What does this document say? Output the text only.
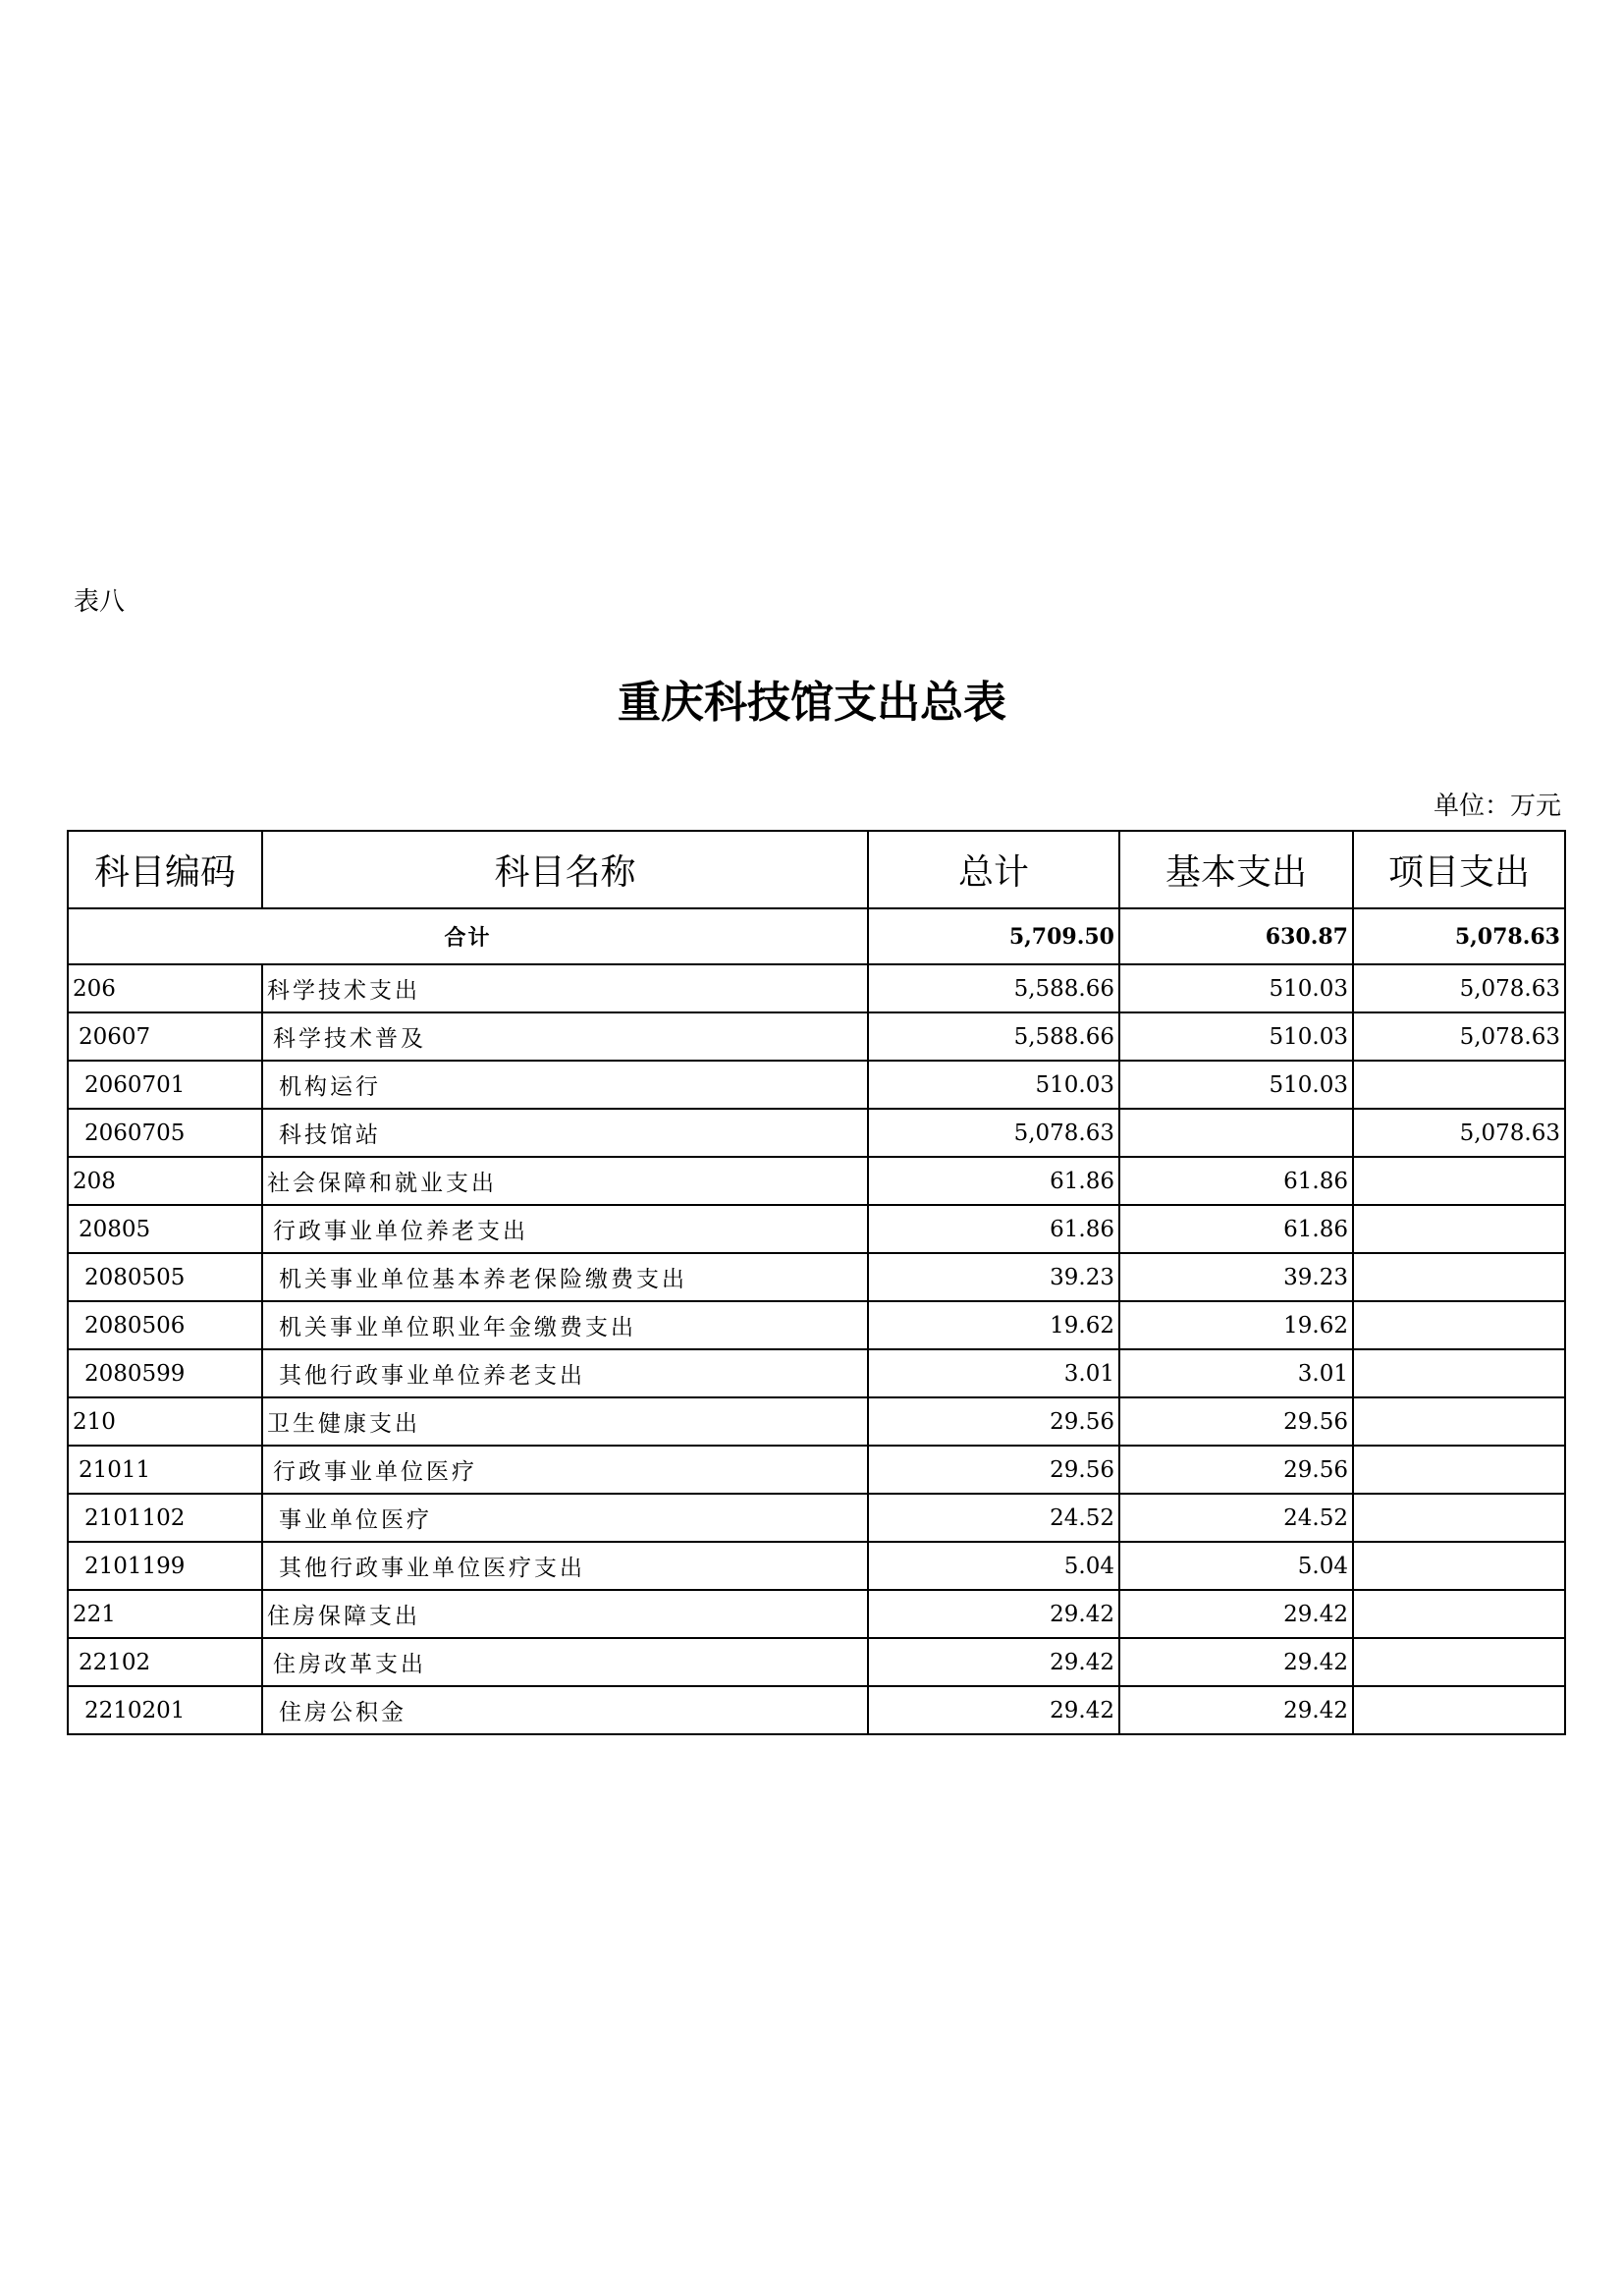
表八
重庆科技馆支出总表
单位：万元
科目编码	科目名称	总计	基本支出	项目支出
合计		5,709.50	630.87	5,078.63
206	科学技术支出	5,588.66	510.03	5,078.63
20607	科学技术普及	5,588.66	510.03	5,078.63
2060701	机构运行	510.03	510.03	
2060705	科技馆站	5,078.63		5,078.63
208	社会保障和就业支出	61.86	61.86	
20805	行政事业单位养老支出	61.86	61.86	
2080505	机关事业单位基本养老保险缴费支出	39.23	39.23	
2080506	机关事业单位职业年金缴费支出	19.62	19.62	
2080599	其他行政事业单位养老支出	3.01	3.01	
210	卫生健康支出	29.56	29.56	
21011	行政事业单位医疗	29.56	29.56	
2101102	事业单位医疗	24.52	24.52	
2101199	其他行政事业单位医疗支出	5.04	5.04	
221	住房保障支出	29.42	29.42	
22102	住房改革支出	29.42	29.42	
2210201	住房公积金	29.42	29.42	
